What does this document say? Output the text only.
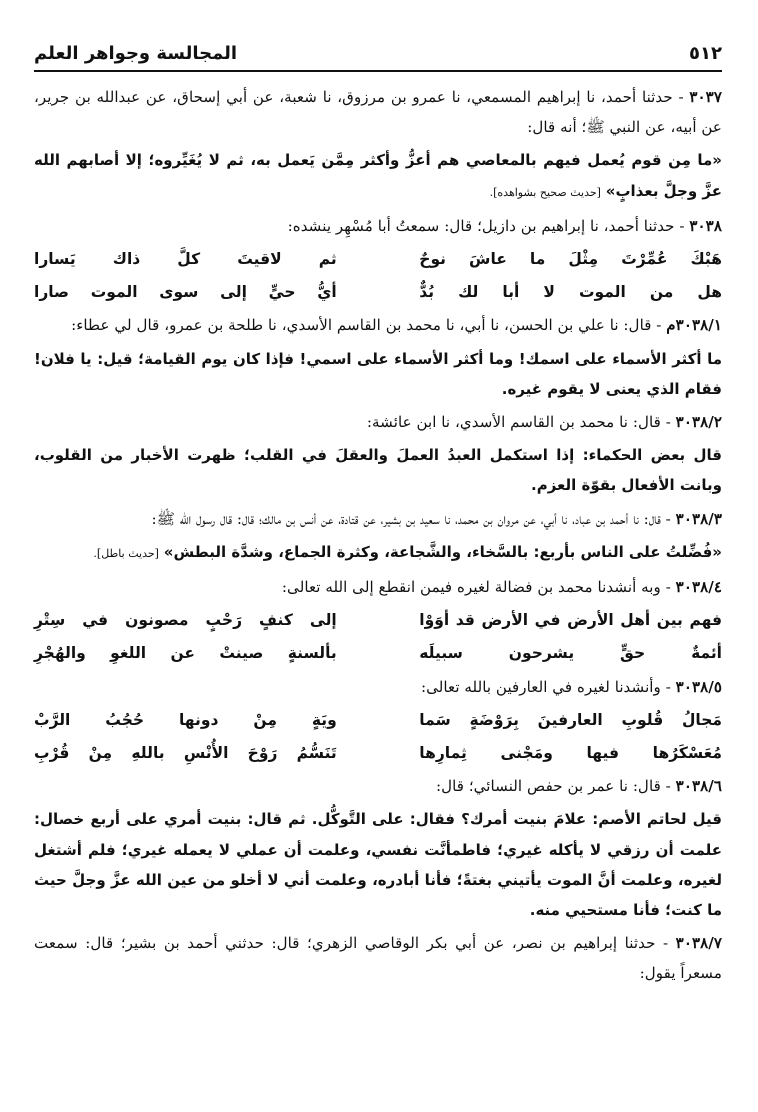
٥١٢
المجالسة وجواهر العلم

٣٠٣٧ - حدثنا أحمد، نا إبراهيم المسمعي، نا عمرو بن مرزوق، نا شعبة، عن أبي إسحاق، عن عبدالله بن جرير، عن أبيه، عن النبي ﷺ؛ أنه قال:

«ما مِن قوم يُعمل فيهم بالمعاصي هم أعزُّ وأكثر مِمَّن يَعمل به، ثم لا يُغَيِّروه؛ إلا أصابهم الله عزَّ وجلَّ بعذابٍ» [حديث صحيح بشواهده].

٣٠٣٨ - حدثنا أحمد، نا إبراهيم بن دازيل؛ قال: سمعتُ أبا مُسْهِر ينشده:

هَبْكَ عُمِّرْتَ مِثْلَ ما عاشَ نوحٌ
ثم لاقيتَ كلَّ ذاك يَسارا
هل من الموت لا أبا لك بُدٌّ
أيُّ حيٍّ إلى سوى الموت صارا

٣٠٣٨/١م - قال: نا علي بن الحسن، نا أبي، نا محمد بن القاسم الأسدي، نا طلحة بن عمرو، قال لي عطاء:

ما أكثر الأسماء على اسمك! وما أكثر الأسماء على اسمي! فإذا كان يوم القيامة؛ قيل: يا فلان! فقام الذي يعنى لا يقوم غيره.

٣٠٣٨/٢ - قال: نا محمد بن القاسم الأسدي، نا ابن عائشة:

قال بعض الحكماء: إذا استكمل العبدُ العملَ والعقلَ في القلب؛ ظهرت الأخبار من القلوب، وبانت الأفعال بقوّة العزم.

٣٠٣٨/٣ - قال: نا أحمد بن عباد، نا أبي، عن مروان بن محمد، نا سعيد بن بشير، عن قتادة، عن أنس بن مالك؛ قال: قال رسول الله ﷺ:

«فُضِّلتُ على الناس بأربع: بالسَّخاء، والشَّجاعة، وكثرة الجماع، وشدَّة البطش» [حديث باطل].

٣٠٣٨/٤ - وبه أنشدنا محمد بن فضالة لغيره فيمن انقطع إلى الله تعالى:

فهم بين أهل الأرض في الأرض قد أوَوْا
إلى كنفٍ رَحْبٍ مصونون في سِتْرِ
أئمةٌ حقٍّ يشرحون سبيلَه
بألسنةٍ صينتْ عن اللغوِ والهُجْرِ

٣٠٣٨/٥ - وأنشدنا لغيره في العارفين بالله تعالى:

مَجالُ قُلوبِ العارفينَ بِرَوْضَةٍ سَما
ويَةٍ مِنْ دونها حُجُبُ الرَّبْ
مُعَسْكَرُها فيها ومَجْنى ثِمارِها
تَنَسُّمُ رَوْحَ الأُنْسِ باللهِ مِنْ قُرْبِ

٣٠٣٨/٦ - قال: نا عمر بن حفص النسائي؛ قال:

قيل لحاتم الأصم: علامَ بنيت أمرك؟ فقال: على التَّوكُّل. ثم قال: بنيت أمري على أربع خصال: علمت أن رزقي لا يأكله غيري؛ فاطمأنَّت نفسي، وعلمت أن عملي لا يعمله غيري؛ فلم أشتغل لغيره، وعلمت أنَّ الموت يأتيني بغتةً؛ فأنا أبادره، وعلمت أني لا أخلو من عين الله عزَّ وجلَّ حيث ما كنت؛ فأنا مستحيي منه.

٣٠٣٨/٧ - حدثنا إبراهيم بن نصر، عن أبي بكر الوقاصي الزهري؛ قال: حدثني أحمد بن بشير؛ قال: سمعت مسعراً يقول:
